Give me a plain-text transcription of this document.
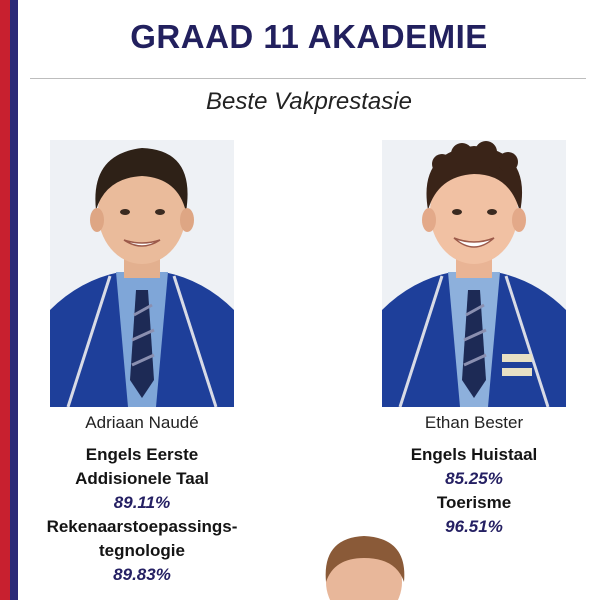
GRAAD 11 AKADEMIE
Beste Vakprestasie
Adriaan Naudé
Engels Eerste
Addisionele Taal
89.11%
Rekenaarstoepassings-
tegnologie
89.83%
Ethan Bester
Engels Huistaal
85.25%
Toerisme
96.51%
